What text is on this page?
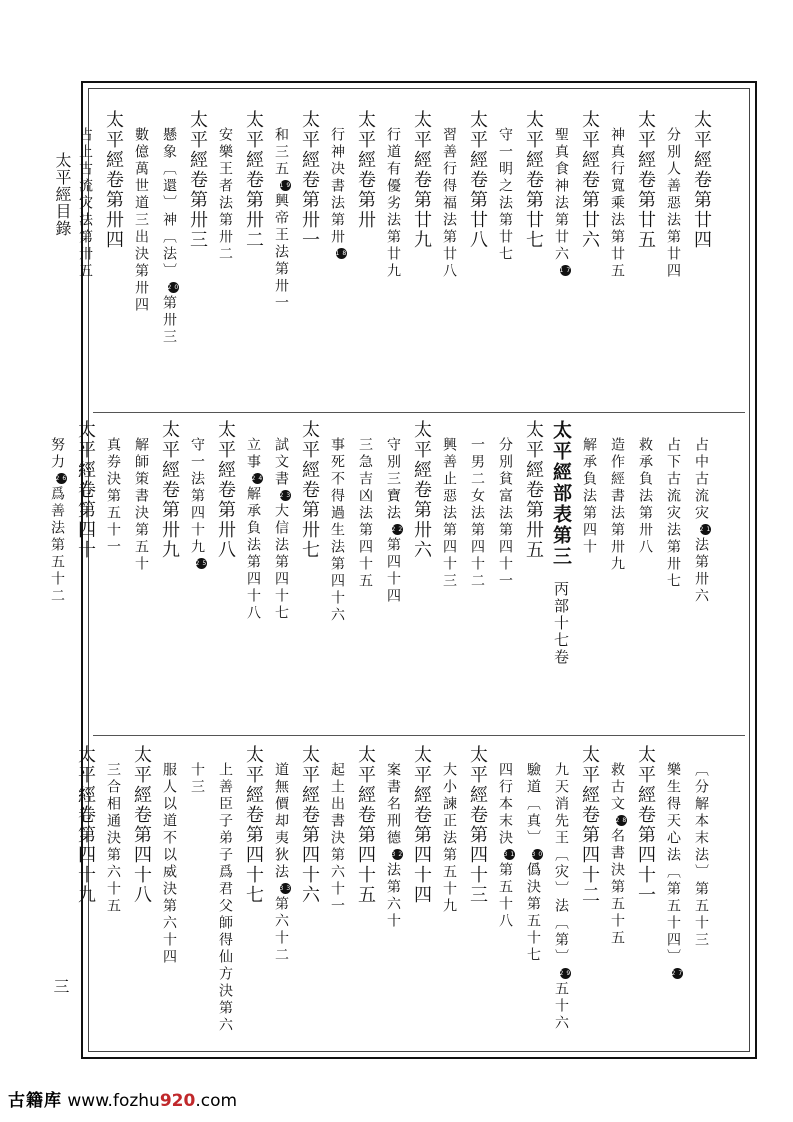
太平經目錄
三
太平經卷第廿四
分別人善惡法第廿四
太平經卷第廿五
神真行寬乘法第廿五
太平經卷第廿六
聖真食神法第廿六17
太平經卷第廿七
守一明之法第廿七
太平經卷第廿八
習善行得福法第廿八
太平經卷第廿九
行道有優劣法第廿九
太平經卷第卅
行神决書法第卅18
太平經卷第卅一
和三五19興帝王法第卅一
太平經卷第卅二
安樂王者法第卅二
太平經卷第卅三
懸象〔還〕神〔法〕20第卅三
數億萬世道三出決第卅四
太平經卷第卅四
占上古流灾法第卅五
占中古流灾21法第卅六
占下古流灾法第卅七
救承負法第卅八
造作經書法第卅九
解承負法第四十
太平經部表第三丙部十七卷
太平經卷第卅五
分別貧富法第四十一
一男二女法第四十二
興善止惡法第四十三
太平經卷第卅六
守別三寶法22第四十四
三急吉凶法第四十五
事死不得過生法第四十六
太平經卷第卅七
試文書23大信法第四十七
立事24解承負法第四十八
太平經卷第卅八
守一法第四十九25
太平經卷第卅九
解師策書決第五十
真券決第五十一
太平經卷第四十
努力26爲善法第五十二
〔分解本末法〕第五十三
樂生得天心法〔第五十四〕27
太平經卷第四十一
救古文28名書決第五十五
太平經卷第四十二
九天消先王〔灾〕法〔第〕29五十六
驗道〔真〕30僞決第五十七
四行本末決31第五十八
太平經卷第四十三
大小諫正法第五十九
太平經卷第四十四
案書名刑德32法第六十
太平經卷第四十五
起土出書決第六十一
太平經卷第四十六
道無價却夷狄法33第六十二
太平經卷第四十七
上善臣子弟子爲君父師得仙方決第六
十三
服人以道不以威決第六十四
太平經卷第四十八
三合相通決第六十五
太平經卷第四十九
古籍库 www.fozhu920.com
